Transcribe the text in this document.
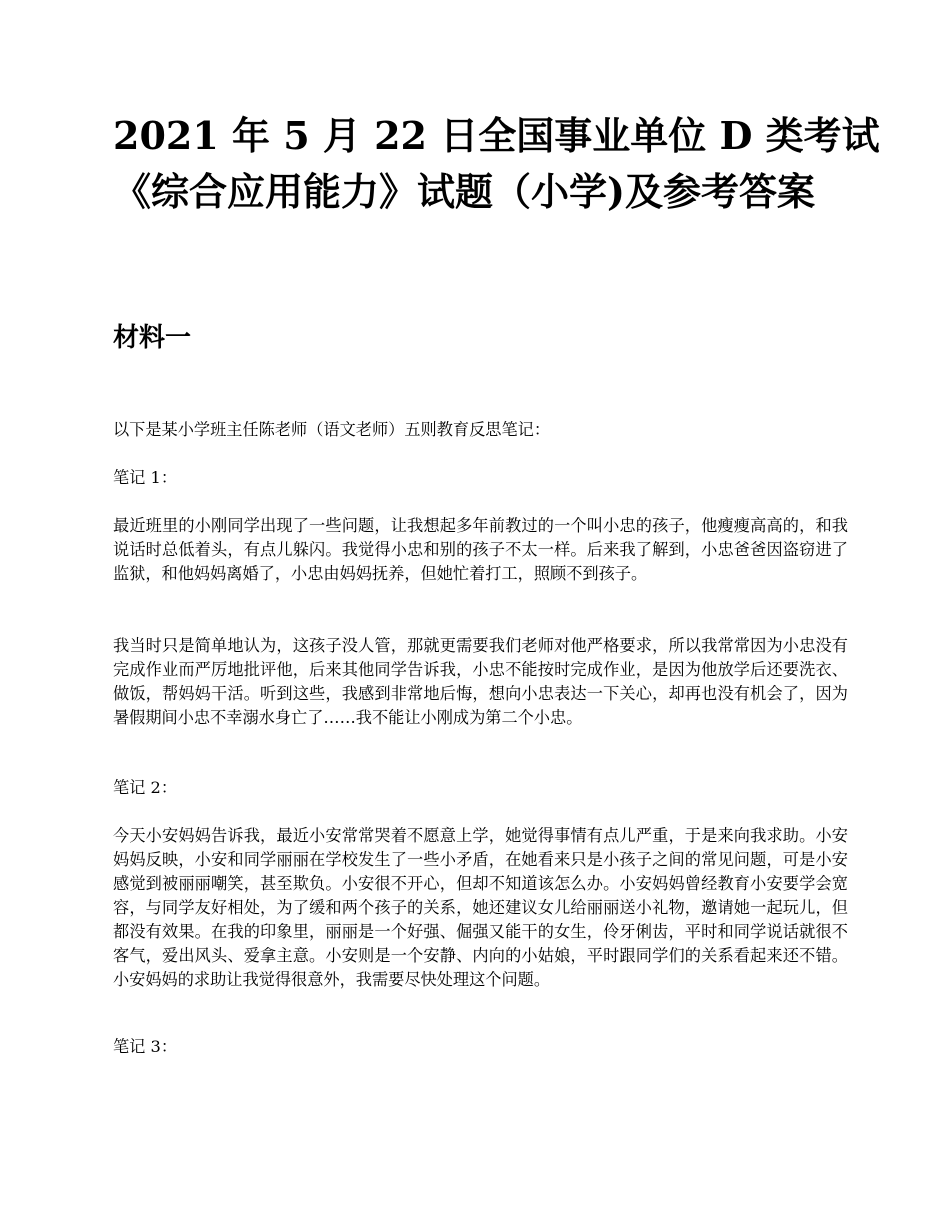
2021 年 5 月 22 日全国事业单位 D 类考试
《综合应用能力》试题（小学)及参考答案
材料一

以下是某小学班主任陈老师（语文老师）五则教育反思笔记：

笔记 1：

最近班里的小刚同学出现了一些问题，让我想起多年前教过的一个叫小忠的孩子，他瘦瘦高高的，和我说话时总低着头，有点儿躲闪。我觉得小忠和别的孩子不太一样。后来我了解到，小忠爸爸因盗窃进了监狱，和他妈妈离婚了，小忠由妈妈抚养，但她忙着打工，照顾不到孩子。

我当时只是简单地认为，这孩子没人管，那就更需要我们老师对他严格要求，所以我常常因为小忠没有完成作业而严厉地批评他，后来其他同学告诉我，小忠不能按时完成作业，是因为他放学后还要洗衣、做饭，帮妈妈干活。听到这些，我感到非常地后悔，想向小忠表达一下关心，却再也没有机会了，因为暑假期间小忠不幸溺水身亡了……我不能让小刚成为第二个小忠。

笔记 2：

今天小安妈妈告诉我，最近小安常常哭着不愿意上学，她觉得事情有点儿严重，于是来向我求助。小安妈妈反映，小安和同学丽丽在学校发生了一些小矛盾，在她看来只是小孩子之间的常见问题，可是小安感觉到被丽丽嘲笑，甚至欺负。小安很不开心，但却不知道该怎么办。小安妈妈曾经教育小安要学会宽容，与同学友好相处，为了缓和两个孩子的关系，她还建议女儿给丽丽送小礼物，邀请她一起玩儿，但都没有效果。在我的印象里，丽丽是一个好强、倔强又能干的女生，伶牙俐齿，平时和同学说话就很不客气，爱出风头、爱拿主意。小安则是一个安静、内向的小姑娘，平时跟同学们的关系看起来还不错。小安妈妈的求助让我觉得很意外，我需要尽快处理这个问题。

笔记 3：
